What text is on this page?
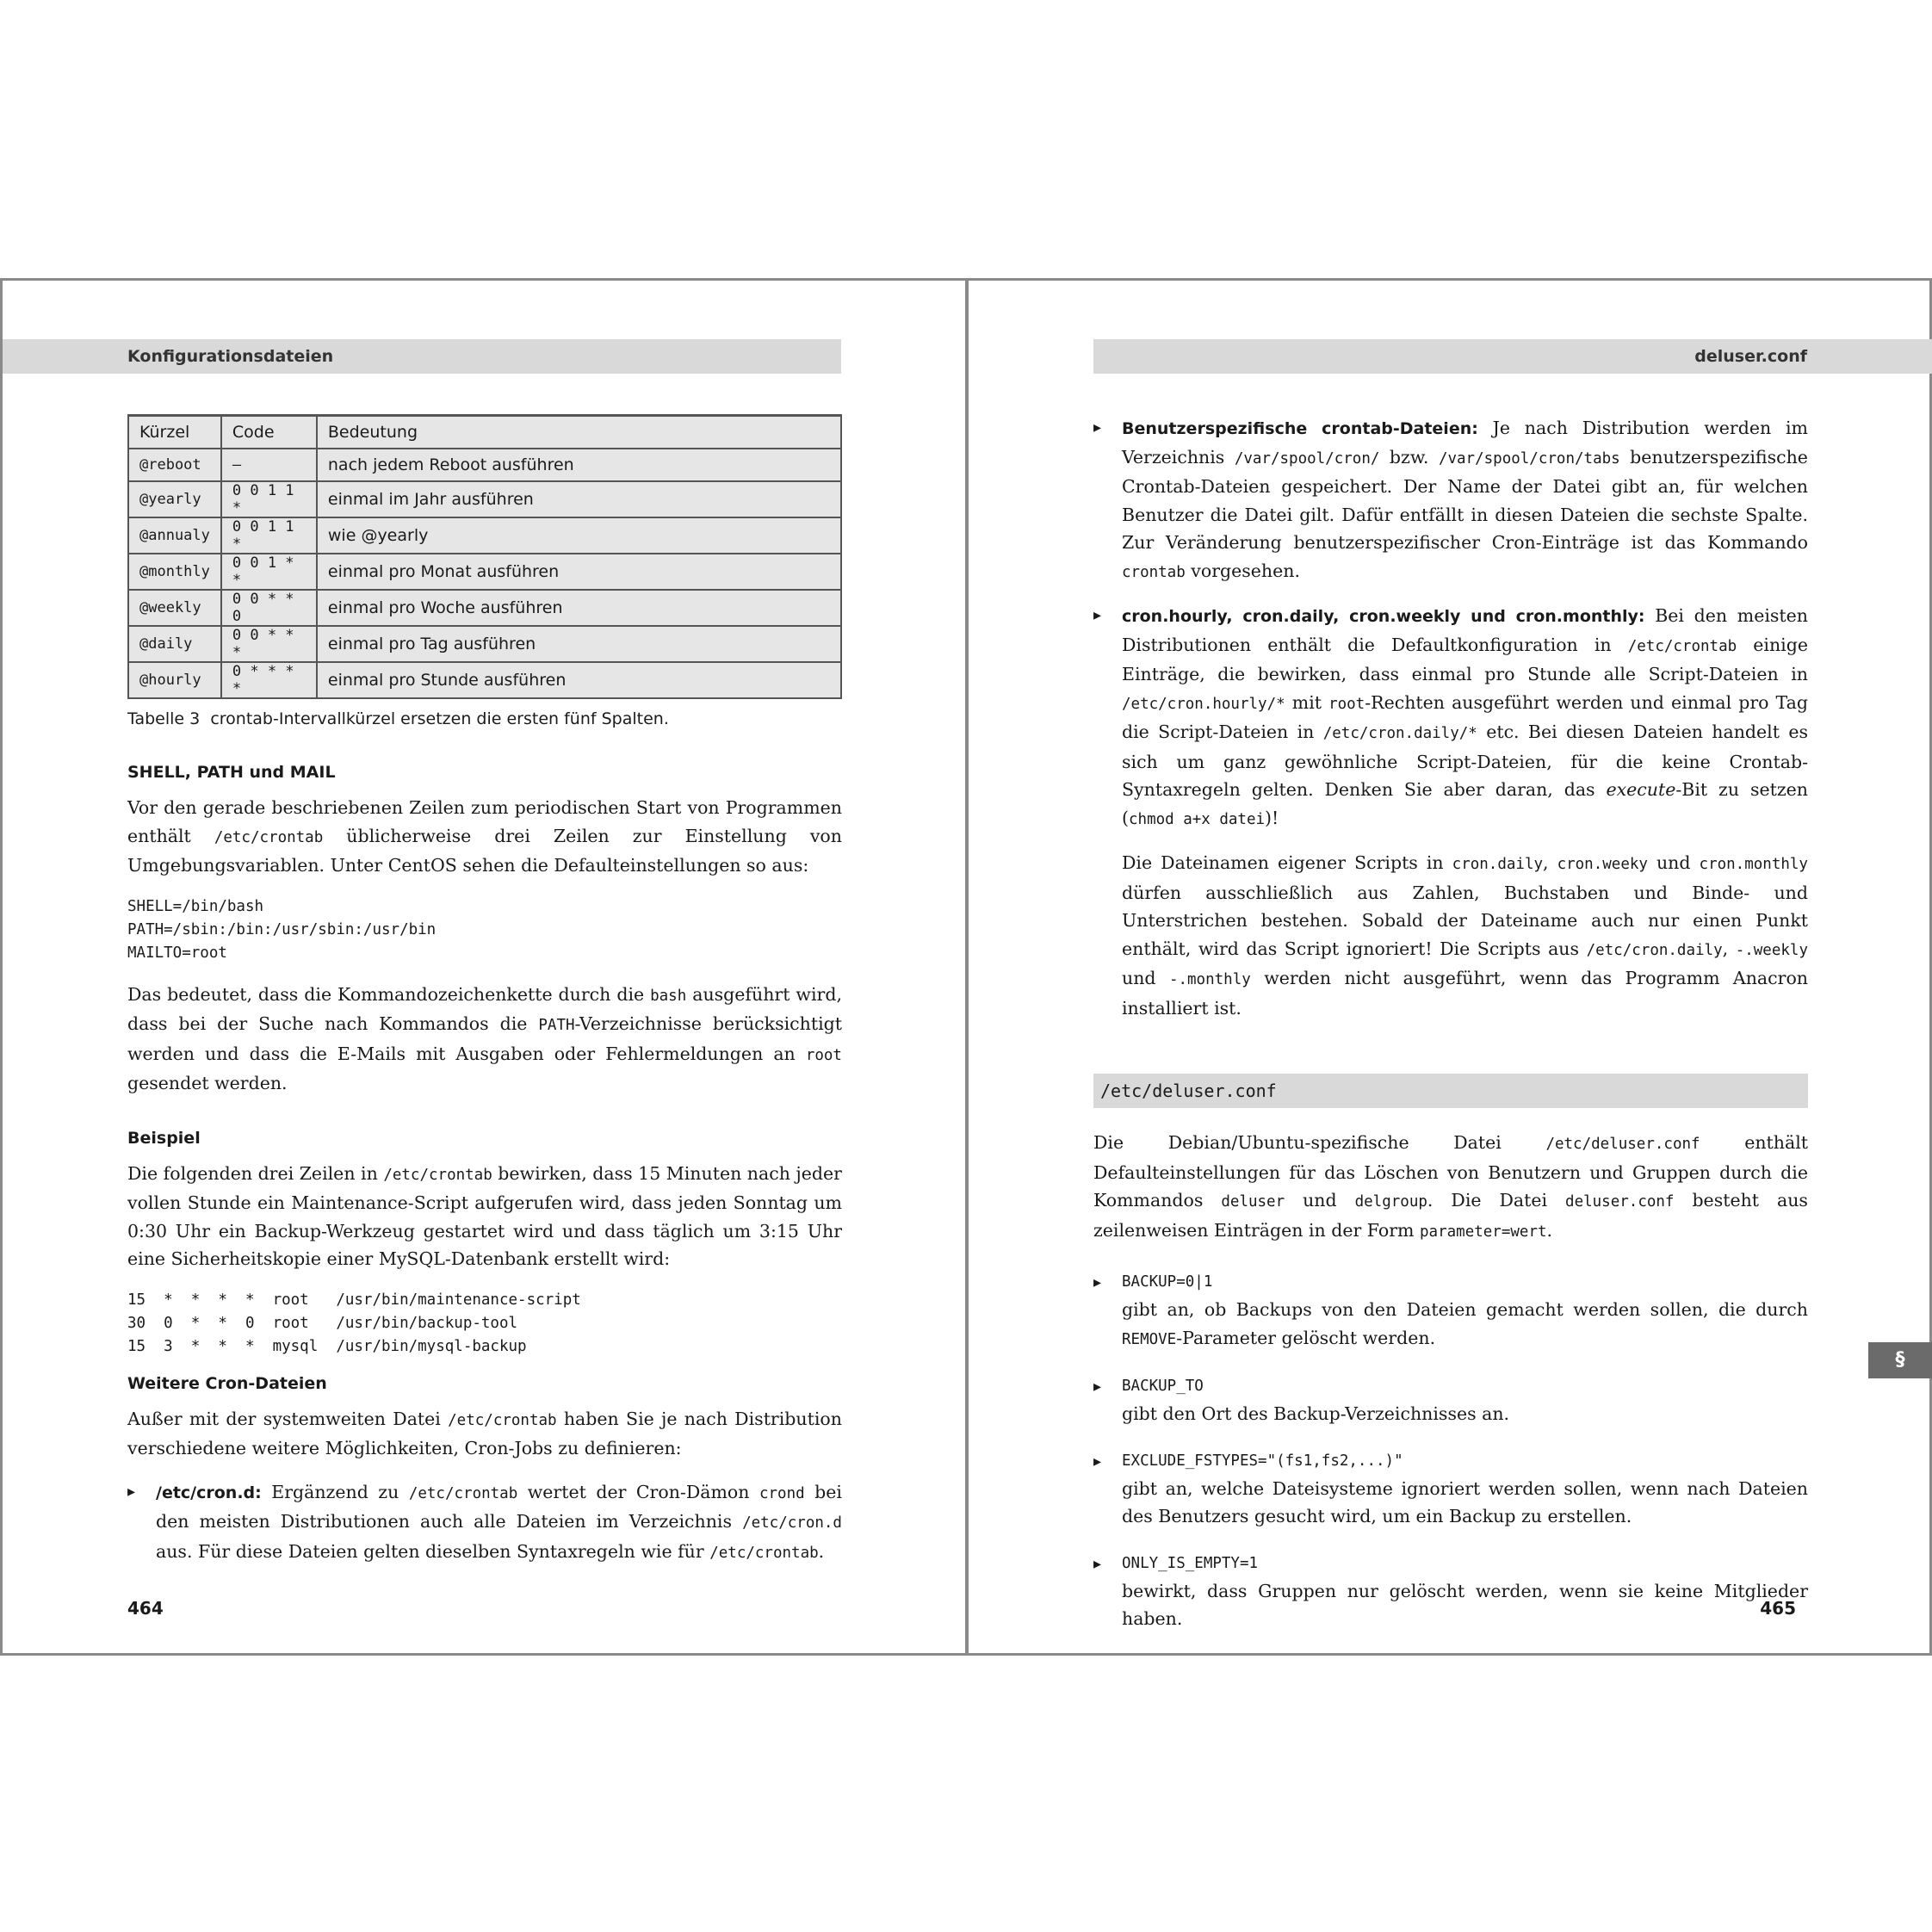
Konfigurationsdateien
Kürzel	Code	Bedeutung
@reboot	–	nach jedem Reboot ausführen
@yearly	0 0 1 1 *	einmal im Jahr ausführen
@annualy	0 0 1 1 *	wie @yearly
@monthly	0 0 1 * *	einmal pro Monat ausführen
@weekly	0 0 * * 0	einmal pro Woche ausführen
@daily	0 0 * * *	einmal pro Tag ausführen
@hourly	0 * * * *	einmal pro Stunde ausführen
Tabelle 3 crontab-Intervallkürzel ersetzen die ersten fünf Spalten.
SHELL, PATH und MAIL

Vor den gerade beschriebenen Zeilen zum periodischen Start von Programmen enthält /etc/crontab üblicherweise drei Zeilen zur Einstellung von Umgebungsvariablen. Unter CentOS sehen die Defaulteinstellungen so aus:

SHELL=/bin/bash
PATH=/sbin:/bin:/usr/sbin:/usr/bin
MAILTO=root

Das bedeutet, dass die Kommandozeichenkette durch die bash ausgeführt wird, dass bei der Suche nach Kommandos die PATH-Verzeichnisse berücksichtigt werden und dass die E-Mails mit Ausgaben oder Fehlermeldungen an root gesendet werden.

Beispiel

Die folgenden drei Zeilen in /etc/crontab bewirken, dass 15 Minuten nach jeder vollen Stunde ein Maintenance-Script aufgerufen wird, dass jeden Sonntag um 0:30 Uhr ein Backup-Werkzeug gestartet wird und dass täglich um 3:15 Uhr eine Sicherheitskopie einer MySQL-Datenbank erstellt wird:

15  *  *  *  *  root   /usr/bin/maintenance-script
30  0  *  *  0  root   /usr/bin/backup-tool
15  3  *  *  *  mysql  /usr/bin/mysql-backup
Weitere Cron-Dateien

Außer mit der systemweiten Datei /etc/crontab haben Sie je nach Distribution verschiedene weitere Möglichkeiten, Cron-Jobs zu definieren:

▸ /etc/cron.d: Ergänzend zu /etc/crontab wertet der Cron-Dämon crond bei den meisten Distributionen auch alle Dateien im Verzeichnis /etc/cron.d aus. Für diese Dateien gelten dieselben Syntaxregeln wie für /etc/crontab.

464
deluser.conf

▸ Benutzerspezifische crontab-Dateien: Je nach Distribution werden im Verzeichnis /var/spool/cron/ bzw. /var/spool/cron/tabs benutzerspezifische Crontab-Dateien gespeichert. Der Name der Datei gibt an, für welchen Benutzer die Datei gilt. Dafür entfällt in diesen Dateien die sechste Spalte. Zur Veränderung benutzerspezifischer Cron-Einträge ist das Kommando crontab vorgesehen.

▸ cron.hourly, cron.daily, cron.weekly und cron.monthly: Bei den meisten Distributionen enthält die Defaultkonfiguration in /etc/crontab einige Einträge, die bewirken, dass einmal pro Stunde alle Script-Dateien in /etc/cron.hourly/* mit root-Rechten ausgeführt werden und einmal pro Tag die Script-Dateien in /etc/cron.daily/* etc. Bei diesen Dateien handelt es sich um ganz gewöhnliche Script-Dateien, für die keine Crontab-Syntaxregeln gelten. Denken Sie aber daran, das execute-Bit zu setzen (chmod a+x datei)!

Die Dateinamen eigener Scripts in cron.daily, cron.weeky und cron.monthly dürfen ausschließlich aus Zahlen, Buchstaben und Binde- und Unterstrichen bestehen. Sobald der Dateiname auch nur einen Punkt enthält, wird das Script ignoriert! Die Scripts aus /etc/cron.daily, -.weekly und -.monthly werden nicht ausgeführt, wenn das Programm Anacron installiert ist.

/etc/deluser.conf

Die Debian/Ubuntu-spezifische Datei	/etc/deluser.conf	enthält Defaulteinstellungen für das Löschen von Benutzern und Gruppen durch die Kommandos deluser und delgroup. Die Datei deluser.conf besteht aus zeilenweisen Einträgen in der Form parameter=wert.

▸ BACKUP=0|1

gibt an, ob Backups von den Dateien gemacht werden sollen, die durch REMOVE-Parameter gelöscht werden.

▸ BACKUP_TO

gibt den Ort des Backup-Verzeichnisses an.

▸ EXCLUDE_FSTYPES="(fs1,fs2,...)"

gibt an, welche Dateisysteme ignoriert werden sollen, wenn nach Dateien des Benutzers gesucht wird, um ein Backup zu erstellen.

▸ ONLY_IS_EMPTY=1

bewirkt, dass Gruppen nur gelöscht werden, wenn sie keine Mitglieder haben.	465
§
